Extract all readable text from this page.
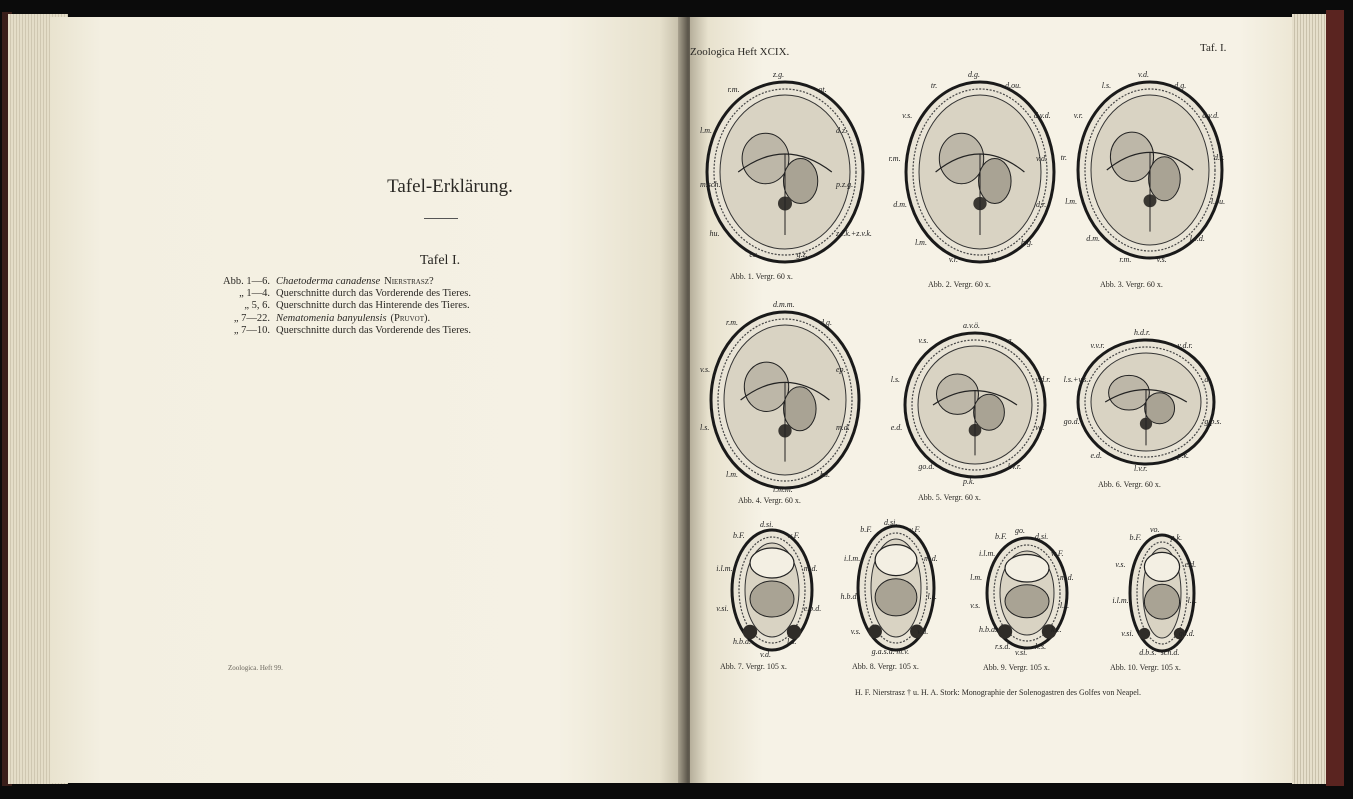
Tafel-Erklärung.
Tafel I.
Abb. 1—6. Chaetoderma canadense Nierstrasz?
„ 1—4. Querschnitte durch das Vorderende des Tieres.
„ 5, 6. Querschnitte durch das Hinterende des Tieres.
„ 7—22. Nematomenia banyulensis (Pruvot).
„ 7—10. Querschnitte durch das Vorderende des Tieres.
Zoologica. Heft 99.
Zoologica Heft XCIX.	Taf. I.
z.g.
ot.
d.z.
p.z.g.
z.l.k.+z.v.k.
g.z.
cu.
hu.
m.sch.
l.m.
r.m.
Abb. 1. Vergr. 60 x.
d.g.
d.ou.
d.v.d.
v.d.
d.r.
b.g.
l.s.
v.r.
l.m.
d.m.
r.m.
v.s.
tr.
Abb. 2. Vergr. 60 x.
v.d.
d.g.
d.v.d.
d.r.
l.ou.
l.v.d.
v.s.
r.m.
d.m.
l.m.
tr.
v.r.
l.s.
Abb. 3. Vergr. 60 x.
d.m.m.
d.g.
ep.
m.d.
hu.
l.m.m.
l.m.
l.s.
v.s.
r.m.
Abb. 4. Vergr. 60 x.
a.v.ö.
a.
v.d.r.
ve.
l.v.r.
p.k.
go.d.
e.d.
l.s.
v.s.
Abb. 5. Vergr. 60 x.
h.d.r.
v.d.r.
a.
g.p.s.
p.k.
l.v.r.
e.d.
go.d.
l.s.+v.s.
v.v.r.
Abb. 6. Vergr. 60 x.
d.si.
w.F.
m.d.
e.b.d.
l.s.
v.d.
h.b.d.
v.si.
i.l.m.
b.F.
Abb. 7. Vergr. 105 x.
d.si.
w.F.
m.d.
l.s.
v.d.
m.v.
g.a.s.d.
v.s.
h.b.d.
i.l.m.
b.F.
Abb. 8. Vergr. 105 x.
go.
d.si.
w.F.
m.d.
l.s.
k.z.
h.s.
v.si.
r.s.d.
h.b.d.
v.s.
l.m.
i.l.m.
b.F.
Abb. 9. Vergr. 105 x.
vo.
p.k.
e.d.
l.s.
go.d.
sch.d.
d.b.s.
v.si.
i.l.m.
v.s.
b.F.
Abb. 10. Vergr. 105 x.
H. F. Nierstrasz † u. H. A. Stork: Monographie der Solenogastren des Golfes von Neapel.
